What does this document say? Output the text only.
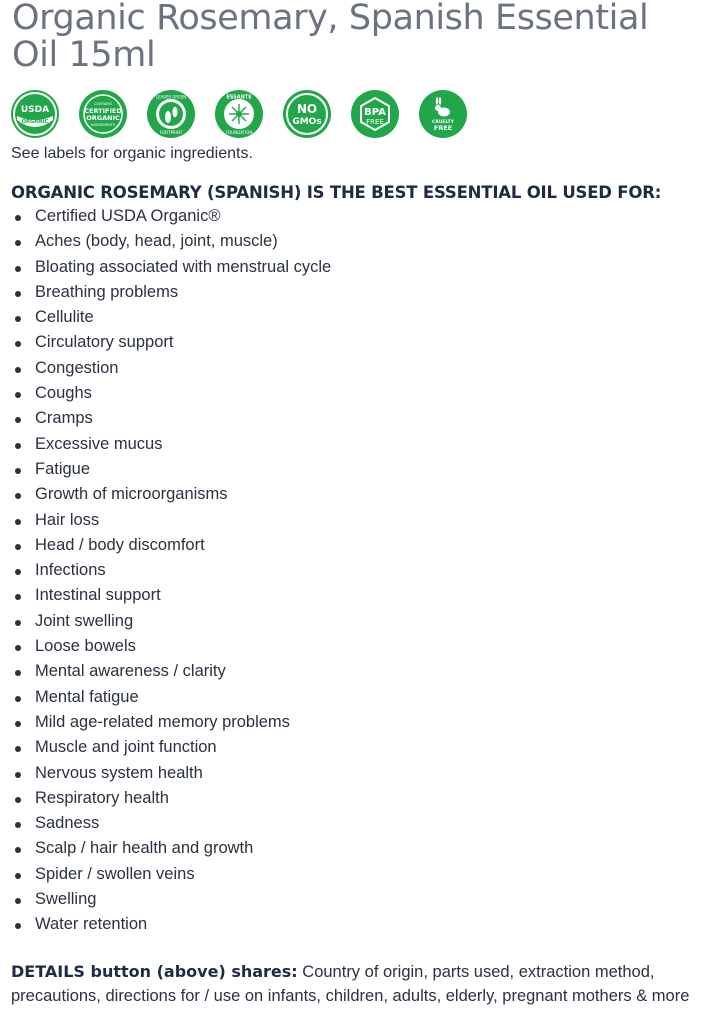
Organic Rosemary, Spanish Essential Oil 15ml
USDA
ORGANIC
CONTAINS
CERTIFIED
ORGANIC
INGREDIENTS
LEAVES GREEN
FOOTPRINT
ESSANTE
FOUNDATION
NO
GMOs
BPA
FREE	CRUELTY
FREE
See labels for organic ingredients.
ORGANIC ROSEMARY (SPANISH) IS THE BEST ESSENTIAL OIL USED FOR:
Certified USDA Organic®
Aches (body, head, joint, muscle)
Bloating associated with menstrual cycle
Breathing problems
Cellulite
Circulatory support
Congestion
Coughs
Cramps
Excessive mucus
Fatigue
Growth of microorganisms
Hair loss
Head / body discomfort
Infections
Intestinal support
Joint swelling
Loose bowels
Mental awareness / clarity
Mental fatigue
Mild age-related memory problems
Muscle and joint function
Nervous system health
Respiratory health
Sadness
Scalp / hair health and growth
Spider / swollen veins
Swelling
Water retention

DETAILS button (above) shares: Country of origin, parts used, extraction method, precautions, directions for / use on infants, children, adults, elderly, pregnant mothers & more
